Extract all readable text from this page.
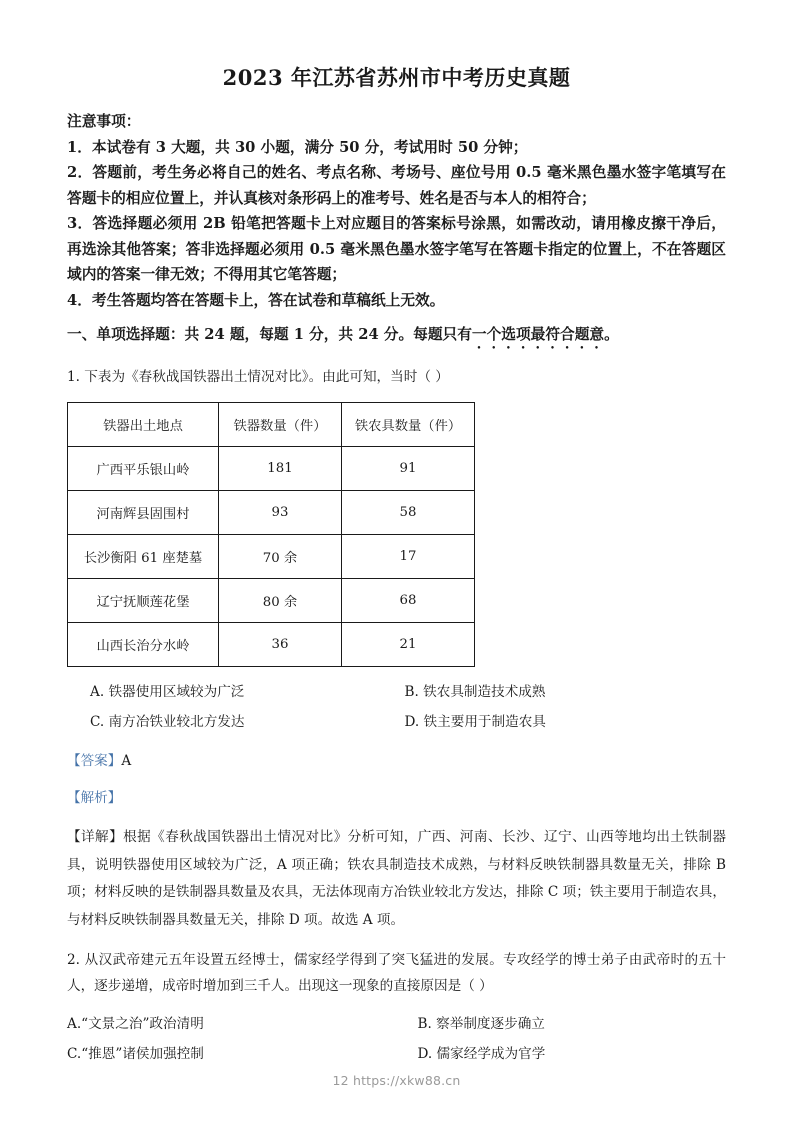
2023 年江苏省苏州市中考历史真题

注意事项：

1．本试卷有 3 大题，共 30 小题，满分 50 分，考试用时 50 分钟；

2．答题前，考生务必将自己的姓名、考点名称、考场号、座位号用 0.5 毫米黑色墨水签字笔填写在答题卡的相应位置上，并认真核对条形码上的准考号、姓名是否与本人的相符合；

3．答选择题必须用 2B 铅笔把答题卡上对应题目的答案标号涂黑，如需改动，请用橡皮擦干净后，再选涂其他答案；答非选择题必须用 0.5 毫米黑色墨水签字笔写在答题卡指定的位置上，不在答题区域内的答案一律无效；不得用其它笔答题；

4．考生答题均答在答题卡上，答在试卷和草稿纸上无效。

一、单项选择题：共 24 题，每题 1 分，共 24 分。每题只有一个选项最符合题意。

1. 下表为《春秋战国铁器出土情况对比》。由此可知，当时（ ）

铁器出土地点	铁器数量（件）	铁农具数量（件）
广西平乐银山岭	181	91
河南辉县固围村	93	58
长沙衡阳 61 座楚墓	70 余	17
辽宁抚顺莲花堡	80 余	68
山西长治分水岭	36	21
A. 铁器使用区域较为广泛	B. 铁农具制造技术成熟
C. 南方冶铁业较北方发达	D. 铁主要用于制造农具

【答案】A

【解析】

【详解】根据《春秋战国铁器出土情况对比》分析可知，广西、河南、长沙、辽宁、山西等地均出土铁制器具，说明铁器使用区域较为广泛，A 项正确；铁农具制造技术成熟，与材料反映铁制器具数量无关，排除 B 项；材料反映的是铁制器具数量及农具，无法体现南方冶铁业较北方发达，排除 C 项；铁主要用于制造农具，与材料反映铁制器具数量无关，排除 D 项。故选 A 项。

2. 从汉武帝建元五年设置五经博士，儒家经学得到了突飞猛进的发展。专攻经学的博士弟子由武帝时的五十人，逐步递增，成帝时增加到三千人。出现这一现象的直接原因是（ ）

A.“文景之治”政治清明	B. 察举制度逐步确立
C.“推恩”诸侯加强控制	D. 儒家经学成为官学
12 https://xkw88.cn
